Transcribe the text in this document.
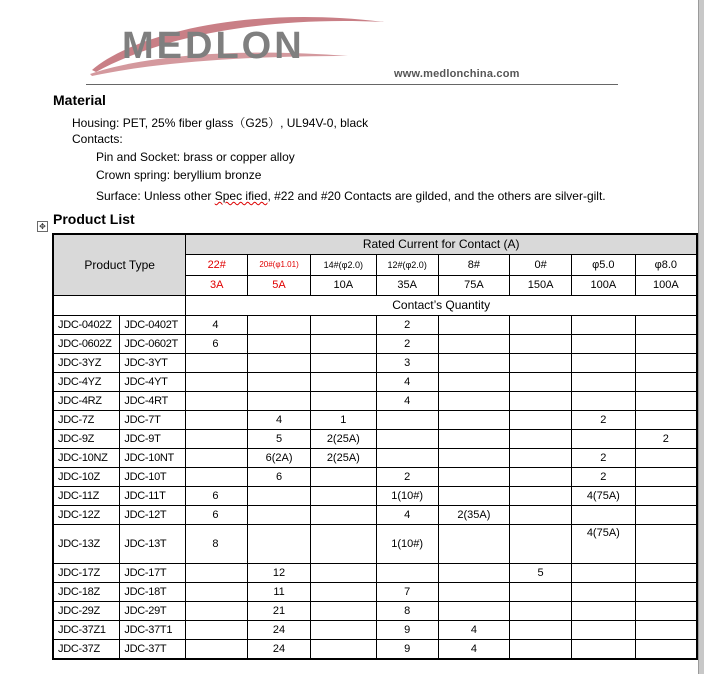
MEDLON
www.medlonchina.com
Material
Housing: PET, 25% fiber glass（G25）, UL94V-0, black
Contacts:
Pin and Socket: brass or copper alloy
Crown spring: beryllium bronze
Surface: Unless other Spec ified, #22 and #20 Contacts are gilded, and the others are silver-gilt.
✥ Product List
Product Type		Rated Current for Contact (A)							
		22#	20#(φ1.01)	14#(φ2.0)	12#(φ2.0)	8#	0#	φ5.0	φ8.0
		3A	5A	10A	35A	75A	150A	100A	100A
		Contact’s Quantity							
JDC-0402Z	JDC-0402T	4			2				
JDC-0602Z	JDC-0602T	6			2				
JDC-3YZ	JDC-3YT				3				
JDC-4YZ	JDC-4YT				4				
JDC-4RZ	JDC-4RT				4				
JDC-7Z	JDC-7T		4	1				2	
JDC-9Z	JDC-9T		5	2(25A)					2
JDC-10NZ	JDC-10NT		6(2A)	2(25A)				2	
JDC-10Z	JDC-10T		6		2			2	
JDC-11Z	JDC-11T	6			1(10#)			4(75A)	
JDC-12Z	JDC-12T	6			4	2(35A)			
JDC-13Z	JDC-13T	8			1(10#)			4(75A)	
JDC-17Z	JDC-17T		12				5		
JDC-18Z	JDC-18T		11		7				
JDC-29Z	JDC-29T		21		8				
JDC-37Z1	JDC-37T1		24		9	4			
JDC-37Z	JDC-37T		24		9	4			
